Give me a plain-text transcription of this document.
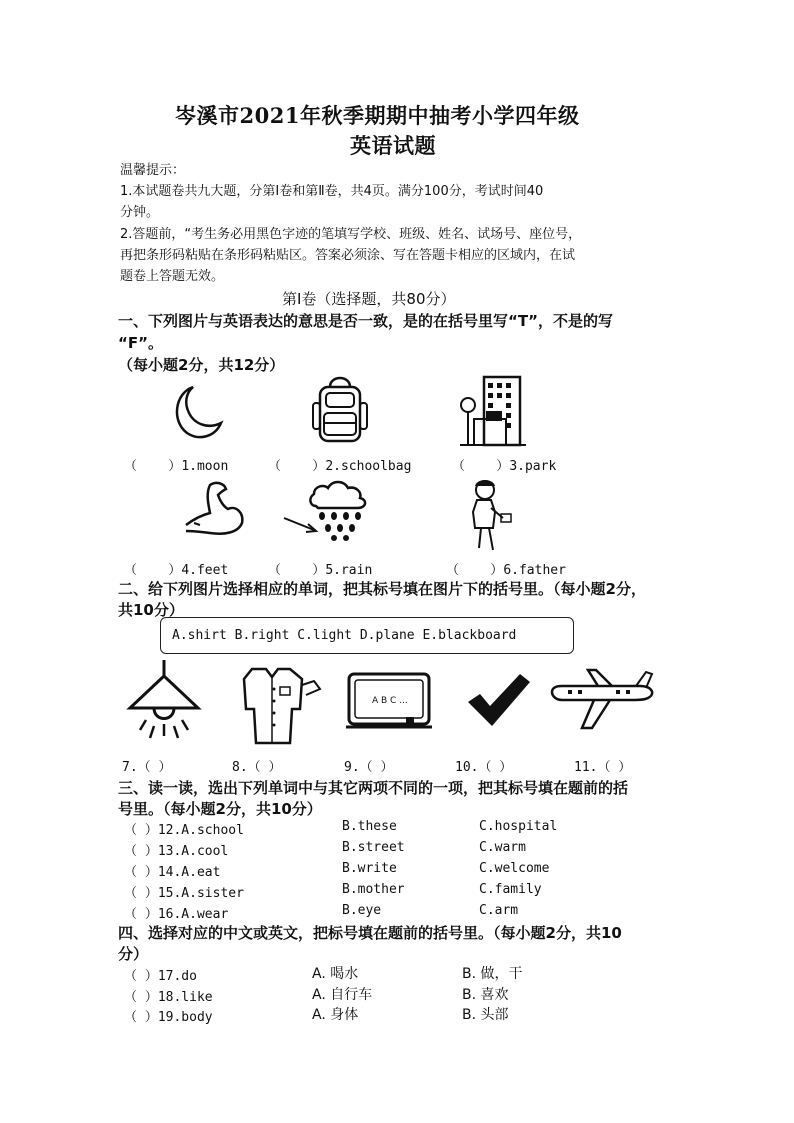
岑溪市2021年秋季期期中抽考小学四年级
英语试题
温馨提示：
1.本试题卷共九大题，分第Ⅰ卷和第Ⅱ卷，共4页。满分100分，考试时间40
分钟。
2.答题前，“考生务必用黑色字迹的笔填写学校、班级、姓名、试场号、座位号，
再把条形码粘贴在条形码粘贴区。答案必须涂、写在答题卡相应的区域内，在试
题卷上答题无效。
第Ⅰ卷（选择题，共80分）
一、下列图片与英语表达的意思是否一致，是的在括号里写“T”，不是的写
“F”。
（每小题2分，共12分）
（    ）1.moon	（    ）2.schoolbag	（    ）3.park
（    ）4.feet	（    ）5.rain	（    ）6.father
二、给下列图片选择相应的单词，把其标号填在图片下的括号里。（每小题2分，
共10分）
A.shirt B.right C.light D.plane E.blackboard
A B C ...
7.（ ）	8.（ ）	9.（ ）	10.（ ）	11.（ ）
三、读一读，选出下列单词中与其它两项不同的一项，把其标号填在题前的括
号里。（每小题2分，共10分）
（ ）12.A.school	B.these	C.hospital
（ ）13.A.cool	B.street	C.warm
（ ）14.A.eat	B.write	C.welcome
（ ）15.A.sister	B.mother	C.family
（ ）16.A.wear	B.eye	C.arm
四、选择对应的中文或英文，把标号填在题前的括号里。（每小题2分，共10
分）
（ ）17.do	A. 喝水	B. 做，干
（ ）18.like	A. 自行车	B. 喜欢
（ ）19.body	A. 身体	B. 头部
